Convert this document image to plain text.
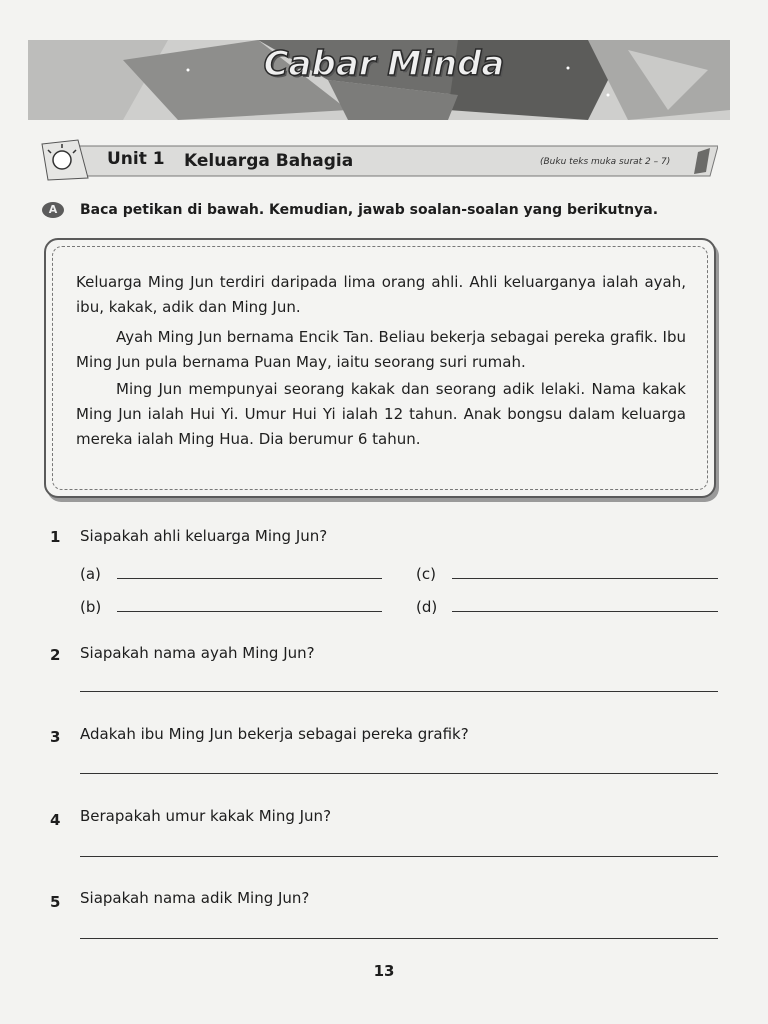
Cabar Minda
Unit 1 Keluarga Bahagia	(Buku teks muka surat 2 – 7)
A	Baca petikan di bawah. Kemudian, jawab soalan-soalan yang berikutnya.
Keluarga Ming Jun terdiri daripada lima orang ahli. Ahli keluarganya ialah ayah, ibu, kakak, adik dan Ming Jun.
Ayah Ming Jun bernama Encik Tan. Beliau bekerja sebagai pereka grafik. Ibu Ming Jun pula bernama Puan May, iaitu seorang suri rumah.
Ming Jun mempunyai seorang kakak dan seorang adik lelaki. Nama kakak Ming Jun ialah Hui Yi. Umur Hui Yi ialah 12 tahun. Anak bongsu dalam keluarga mereka ialah Ming Hua. Dia berumur 6 tahun.
1 Siapakah ahli keluarga Ming Jun?
(a)	(c)
(b)	(d)
2 Siapakah nama ayah Ming Jun?
3 Adakah ibu Ming Jun bekerja sebagai pereka grafik?
4 Berapakah umur kakak Ming Jun?
5 Siapakah nama adik Ming Jun?
13
